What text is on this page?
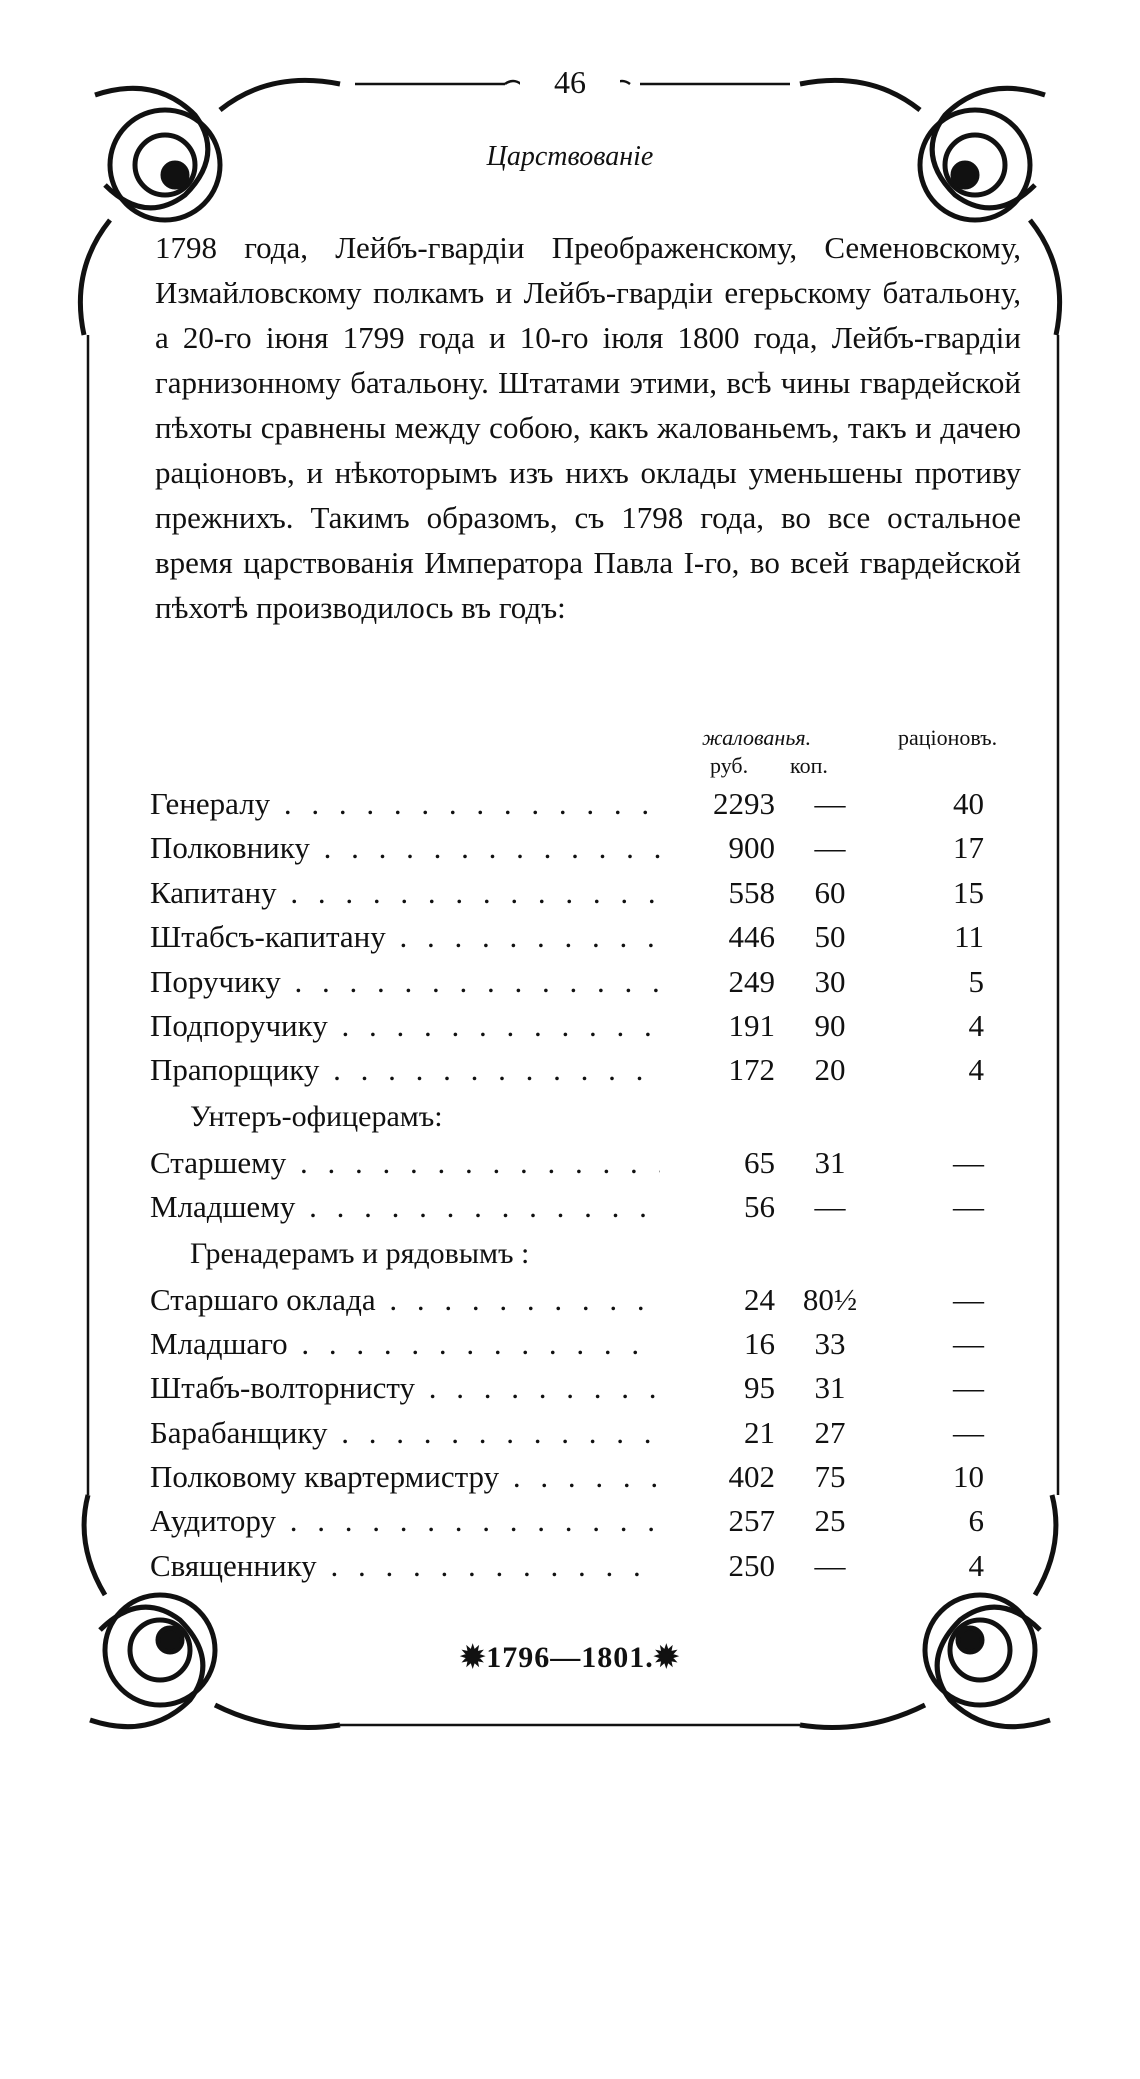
46
Царствованіе

1798 года, Лейбъ-гвардіи Преображенскому, Семеновскому, Измайловскому полкамъ и Лейбъ-гвардіи егерьскому батальону, а 20-го іюня 1799 года и 10-го іюля 1800 года, Лейбъ-гвардіи гарнизонному батальону. Штатами этими, всѣ чины гвардейской пѣхоты сравнены между собою, какъ жалованьемъ, такъ и дачею раціоновъ, и нѣкоторымъ изъ нихъ оклады уменьшены противу прежнихъ. Такимъ образомъ, съ 1798 года, во все остальное время царствованія Императора Павла I-го, во всей гвардейской пѣхотѣ производилось въ годъ:

жалованья.	раціоновъ.
руб. коп.
Генералу . . .	2293	—	40
Полковнику . . .	900	—	17
Капитану . . .	558	60	15
Штабсъ-капитану . . .	446	50	11
Поручику . . .	249	30	5
Подпоручику . . .	191	90	4
Прапорщику . . .	172	20	4
Унтеръ-офицерамъ:
Старшему . . .	65	31	—
Младшему . . .	56	—	—
Гренадерамъ и рядовымъ :
Старшаго оклада . . .	24 80½	—
Младшаго . . .	16	33	—
Штабъ-волторнисту . . .	95	31	—
Барабанщику . . .	21	27	—
Полковому квартермистру . . .	402	75	10
Аудитору . . .	257	25	6
Священнику . . .	250	—	4
✹1796—1801.✹
